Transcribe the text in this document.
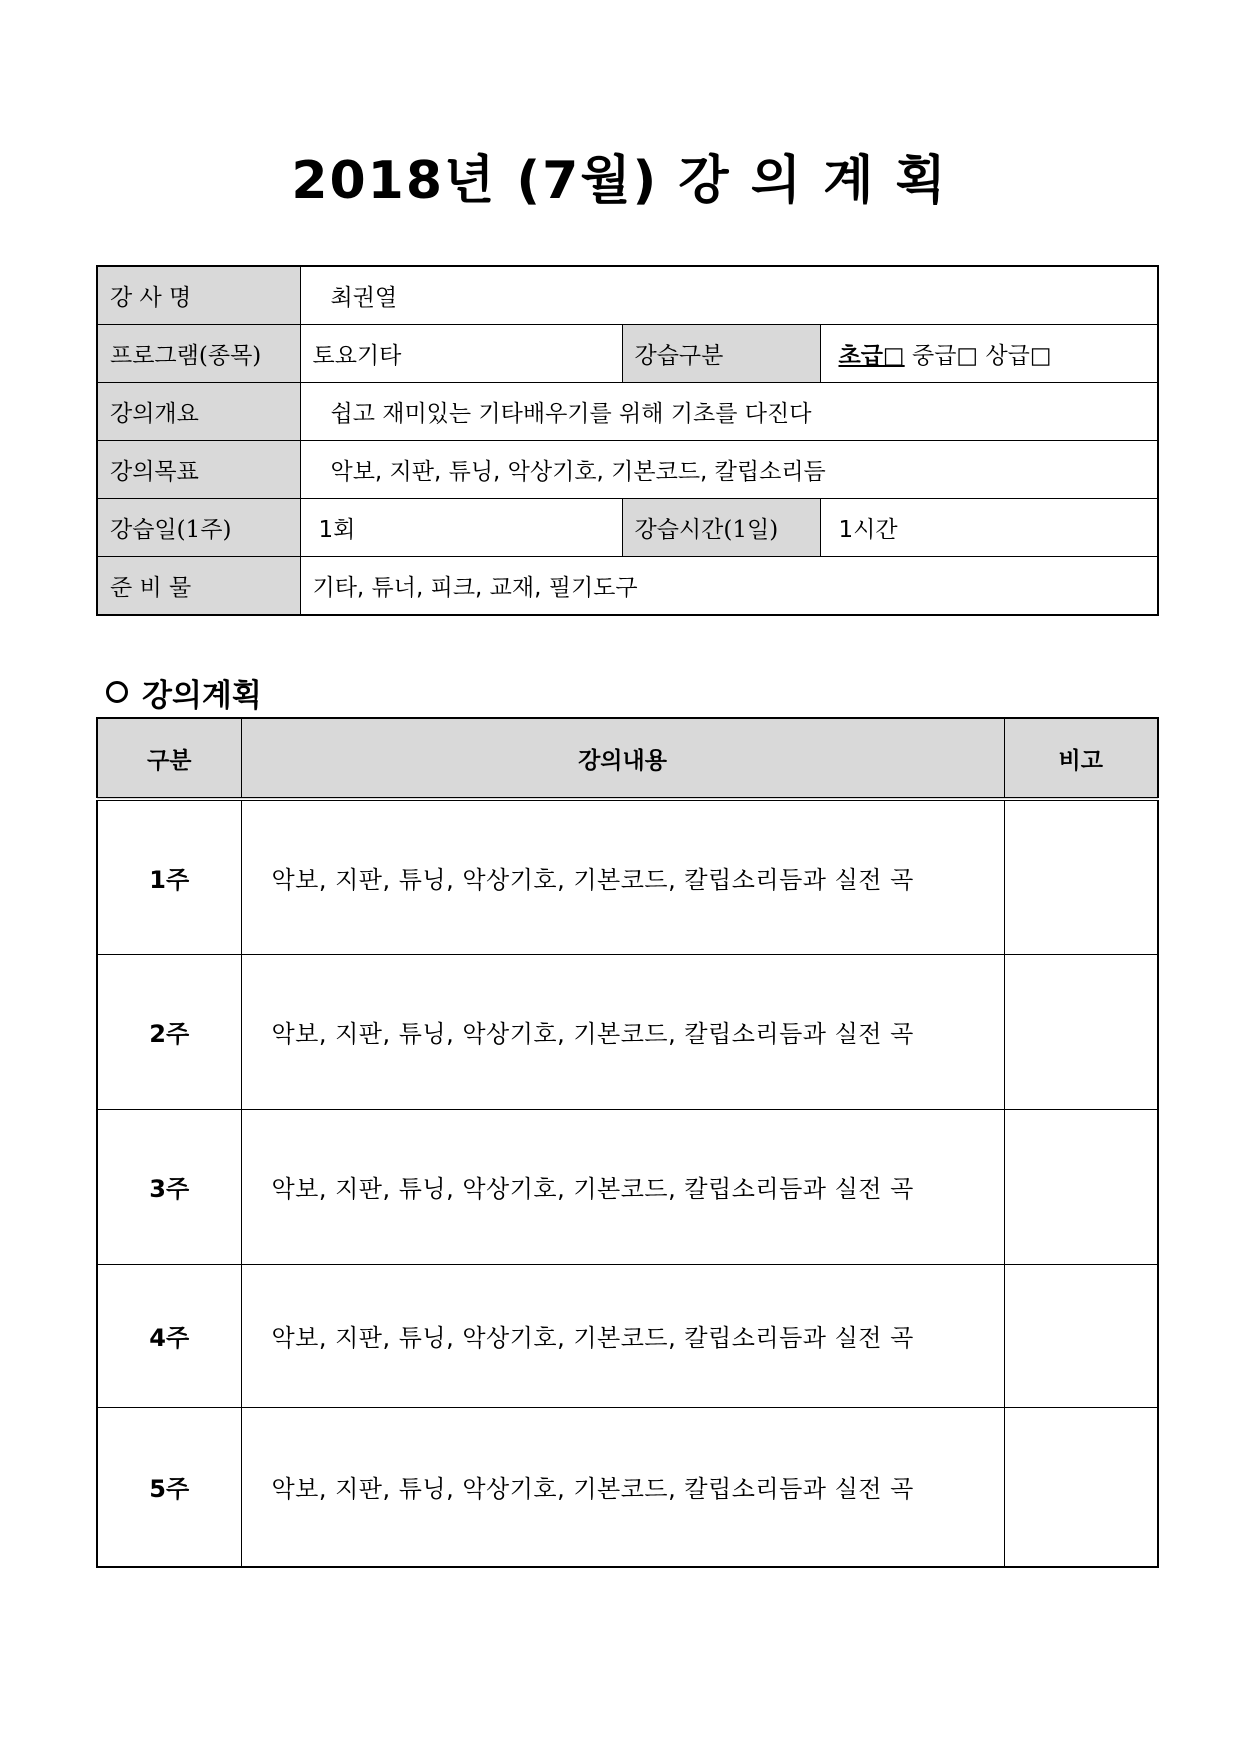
2018년 (7월) 강 의 계 획
강 사 명	최권열		
프로그램(종목)	토요기타	강습구분	초급□ 중급□ 상급□
강의개요	쉽고 재미있는 기타배우기를 위해 기초를 다진다		
강의목표	악보, 지판, 튜닝, 악상기호, 기본코드, 칼립소리듬		
강습일(1주)	1회	강습시간(1일)	1시간
준 비 물	기타, 튜너, 피크, 교재, 필기도구		
강의계획
구분	강의내용	비고
1주	악보, 지판, 튜닝, 악상기호, 기본코드, 칼립소리듬과 실전 곡	
2주	악보, 지판, 튜닝, 악상기호, 기본코드, 칼립소리듬과 실전 곡	
3주	악보, 지판, 튜닝, 악상기호, 기본코드, 칼립소리듬과 실전 곡	
4주	악보, 지판, 튜닝, 악상기호, 기본코드, 칼립소리듬과 실전 곡	
5주	악보, 지판, 튜닝, 악상기호, 기본코드, 칼립소리듬과 실전 곡	
